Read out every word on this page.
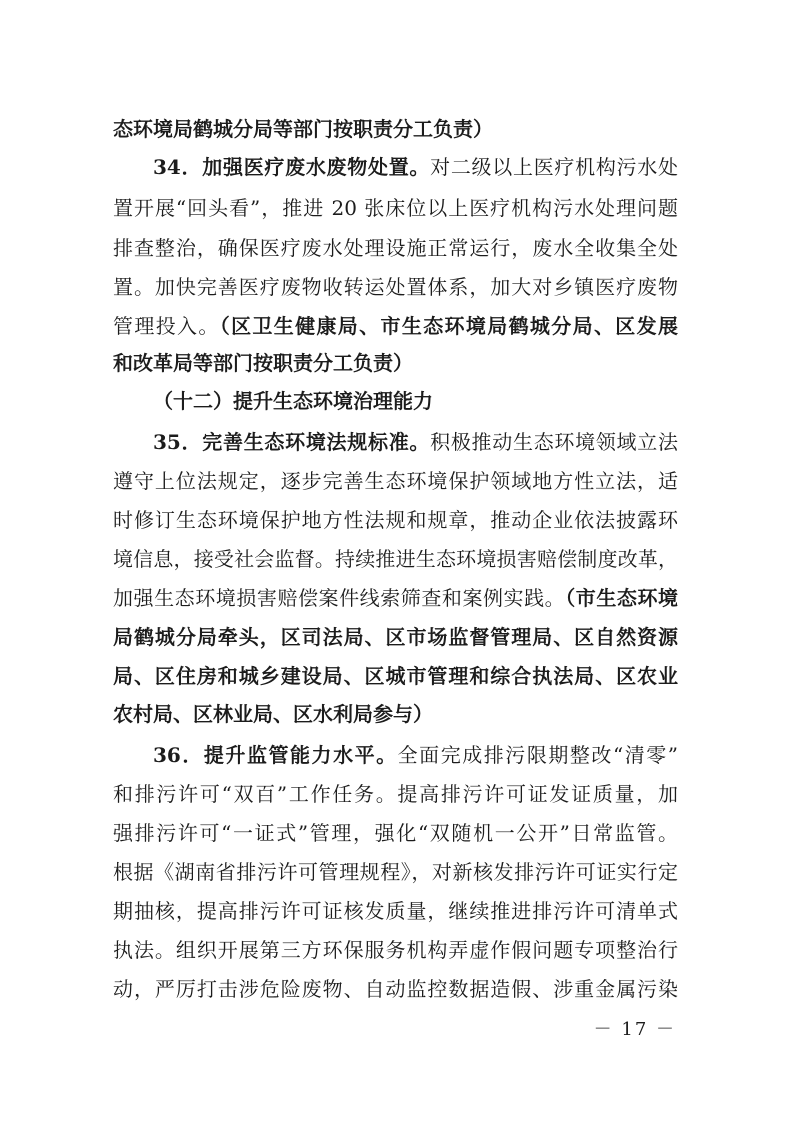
态环境局鹤城分局等部门按职责分工负责）
34．加强医疗废水废物处置。对二级以上医疗机构污水处
置开展“回头看”，推进 20 张床位以上医疗机构污水处理问题
排查整治，确保医疗废水处理设施正常运行，废水全收集全处
置。加快完善医疗废物收转运处置体系，加大对乡镇医疗废物
管理投入。（区卫生健康局、市生态环境局鹤城分局、区发展
和改革局等部门按职责分工负责）
（十二）提升生态环境治理能力
35．完善生态环境法规标准。积极推动生态环境领域立法
遵守上位法规定，逐步完善生态环境保护领域地方性立法，适
时修订生态环境保护地方性法规和规章，推动企业依法披露环
境信息，接受社会监督。持续推进生态环境损害赔偿制度改革，
加强生态环境损害赔偿案件线索筛查和案例实践。（市生态环境
局鹤城分局牵头，区司法局、区市场监督管理局、区自然资源
局、区住房和城乡建设局、区城市管理和综合执法局、区农业
农村局、区林业局、区水利局参与）
36．提升监管能力水平。全面完成排污限期整改“清零”
和排污许可“双百”工作任务。提高排污许可证发证质量，加
强排污许可“一证式”管理，强化“双随机一公开”日常监管。
根据《湖南省排污许可管理规程》，对新核发排污许可证实行定
期抽核，提高排污许可证核发质量，继续推进排污许可清单式
执法。组织开展第三方环保服务机构弄虚作假问题专项整治行
动，严厉打击涉危险废物、自动监控数据造假、涉重金属污染
－ 17 －
